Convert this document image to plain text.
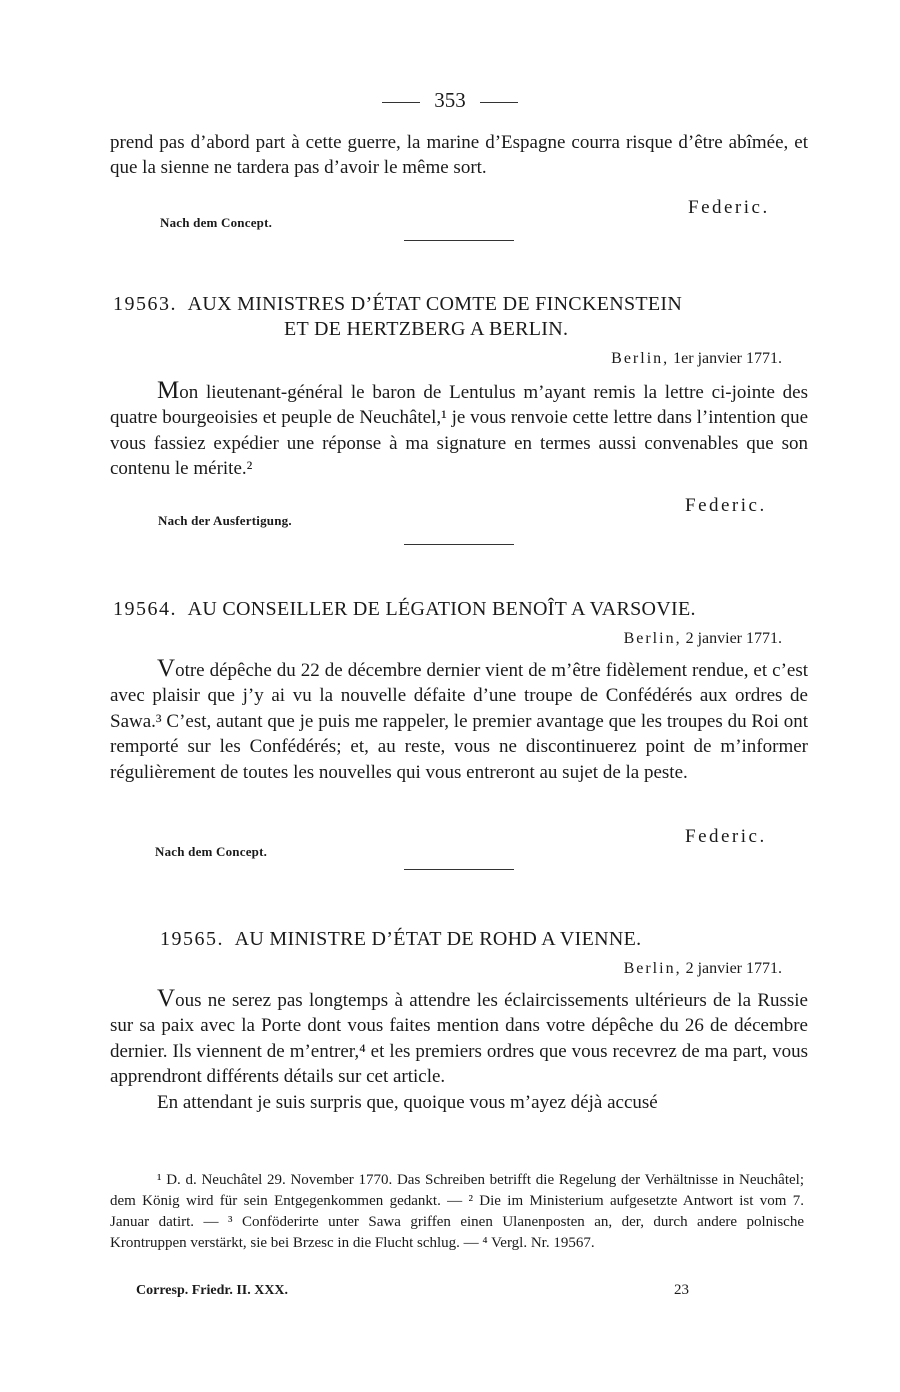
353

prend pas d’abord part à cette guerre, la marine d’Espagne courra risque d’être abîmée, et que la sienne ne tardera pas d’avoir le même sort.

Federic.
Nach dem Concept.
19563. AUX MINISTRES D’ÉTAT COMTE DE FINCKENSTEIN
ET DE HERTZBERG A BERLIN.
Berlin, 1er janvier 1771.

Mon lieutenant-général le baron de Lentulus m’ayant remis la lettre ci-jointe des quatre bourgeoisies et peuple de Neuchâtel,¹ je vous renvoie cette lettre dans l’intention que vous fassiez expédier une réponse à ma signature en termes aussi convenables que son contenu le mérite.²

Federic.
Nach der Ausfertigung.
19564. AU CONSEILLER DE LÉGATION BENOÎT A VARSOVIE.
Berlin, 2 janvier 1771.

Votre dépêche du 22 de décembre dernier vient de m’être fidèlement rendue, et c’est avec plaisir que j’y ai vu la nouvelle défaite d’une troupe de Confédérés aux ordres de Sawa.³ C’est, autant que je puis me rappeler, le premier avantage que les troupes du Roi ont remporté sur les Confédérés; et, au reste, vous ne discontinuerez point de m’informer régulièrement de toutes les nouvelles qui vous entreront au sujet de la peste.

Federic.
Nach dem Concept.
19565. AU MINISTRE D’ÉTAT DE ROHD A VIENNE.
Berlin, 2 janvier 1771.

Vous ne serez pas longtemps à attendre les éclaircissements ultérieurs de la Russie sur sa paix avec la Porte dont vous faites mention dans votre dépêche du 26 de décembre dernier. Ils viennent de m’entrer,⁴ et les premiers ordres que vous recevrez de ma part, vous apprendront différents détails sur cet article.

En attendant je suis surpris que, quoique vous m’ayez déjà accusé

¹ D. d. Neuchâtel 29. November 1770. Das Schreiben betrifft die Regelung der Verhältnisse in Neuchâtel; dem König wird für sein Entgegenkommen gedankt. — ² Die im Ministerium aufgesetzte Antwort ist vom 7. Januar datirt. — ³ Conföderirte unter Sawa griffen einen Ulanenposten an, der, durch andere polnische Krontruppen verstärkt, sie bei Brzesc in die Flucht schlug. — ⁴ Vergl. Nr. 19567.

Corresp. Friedr. II. XXX.	23
